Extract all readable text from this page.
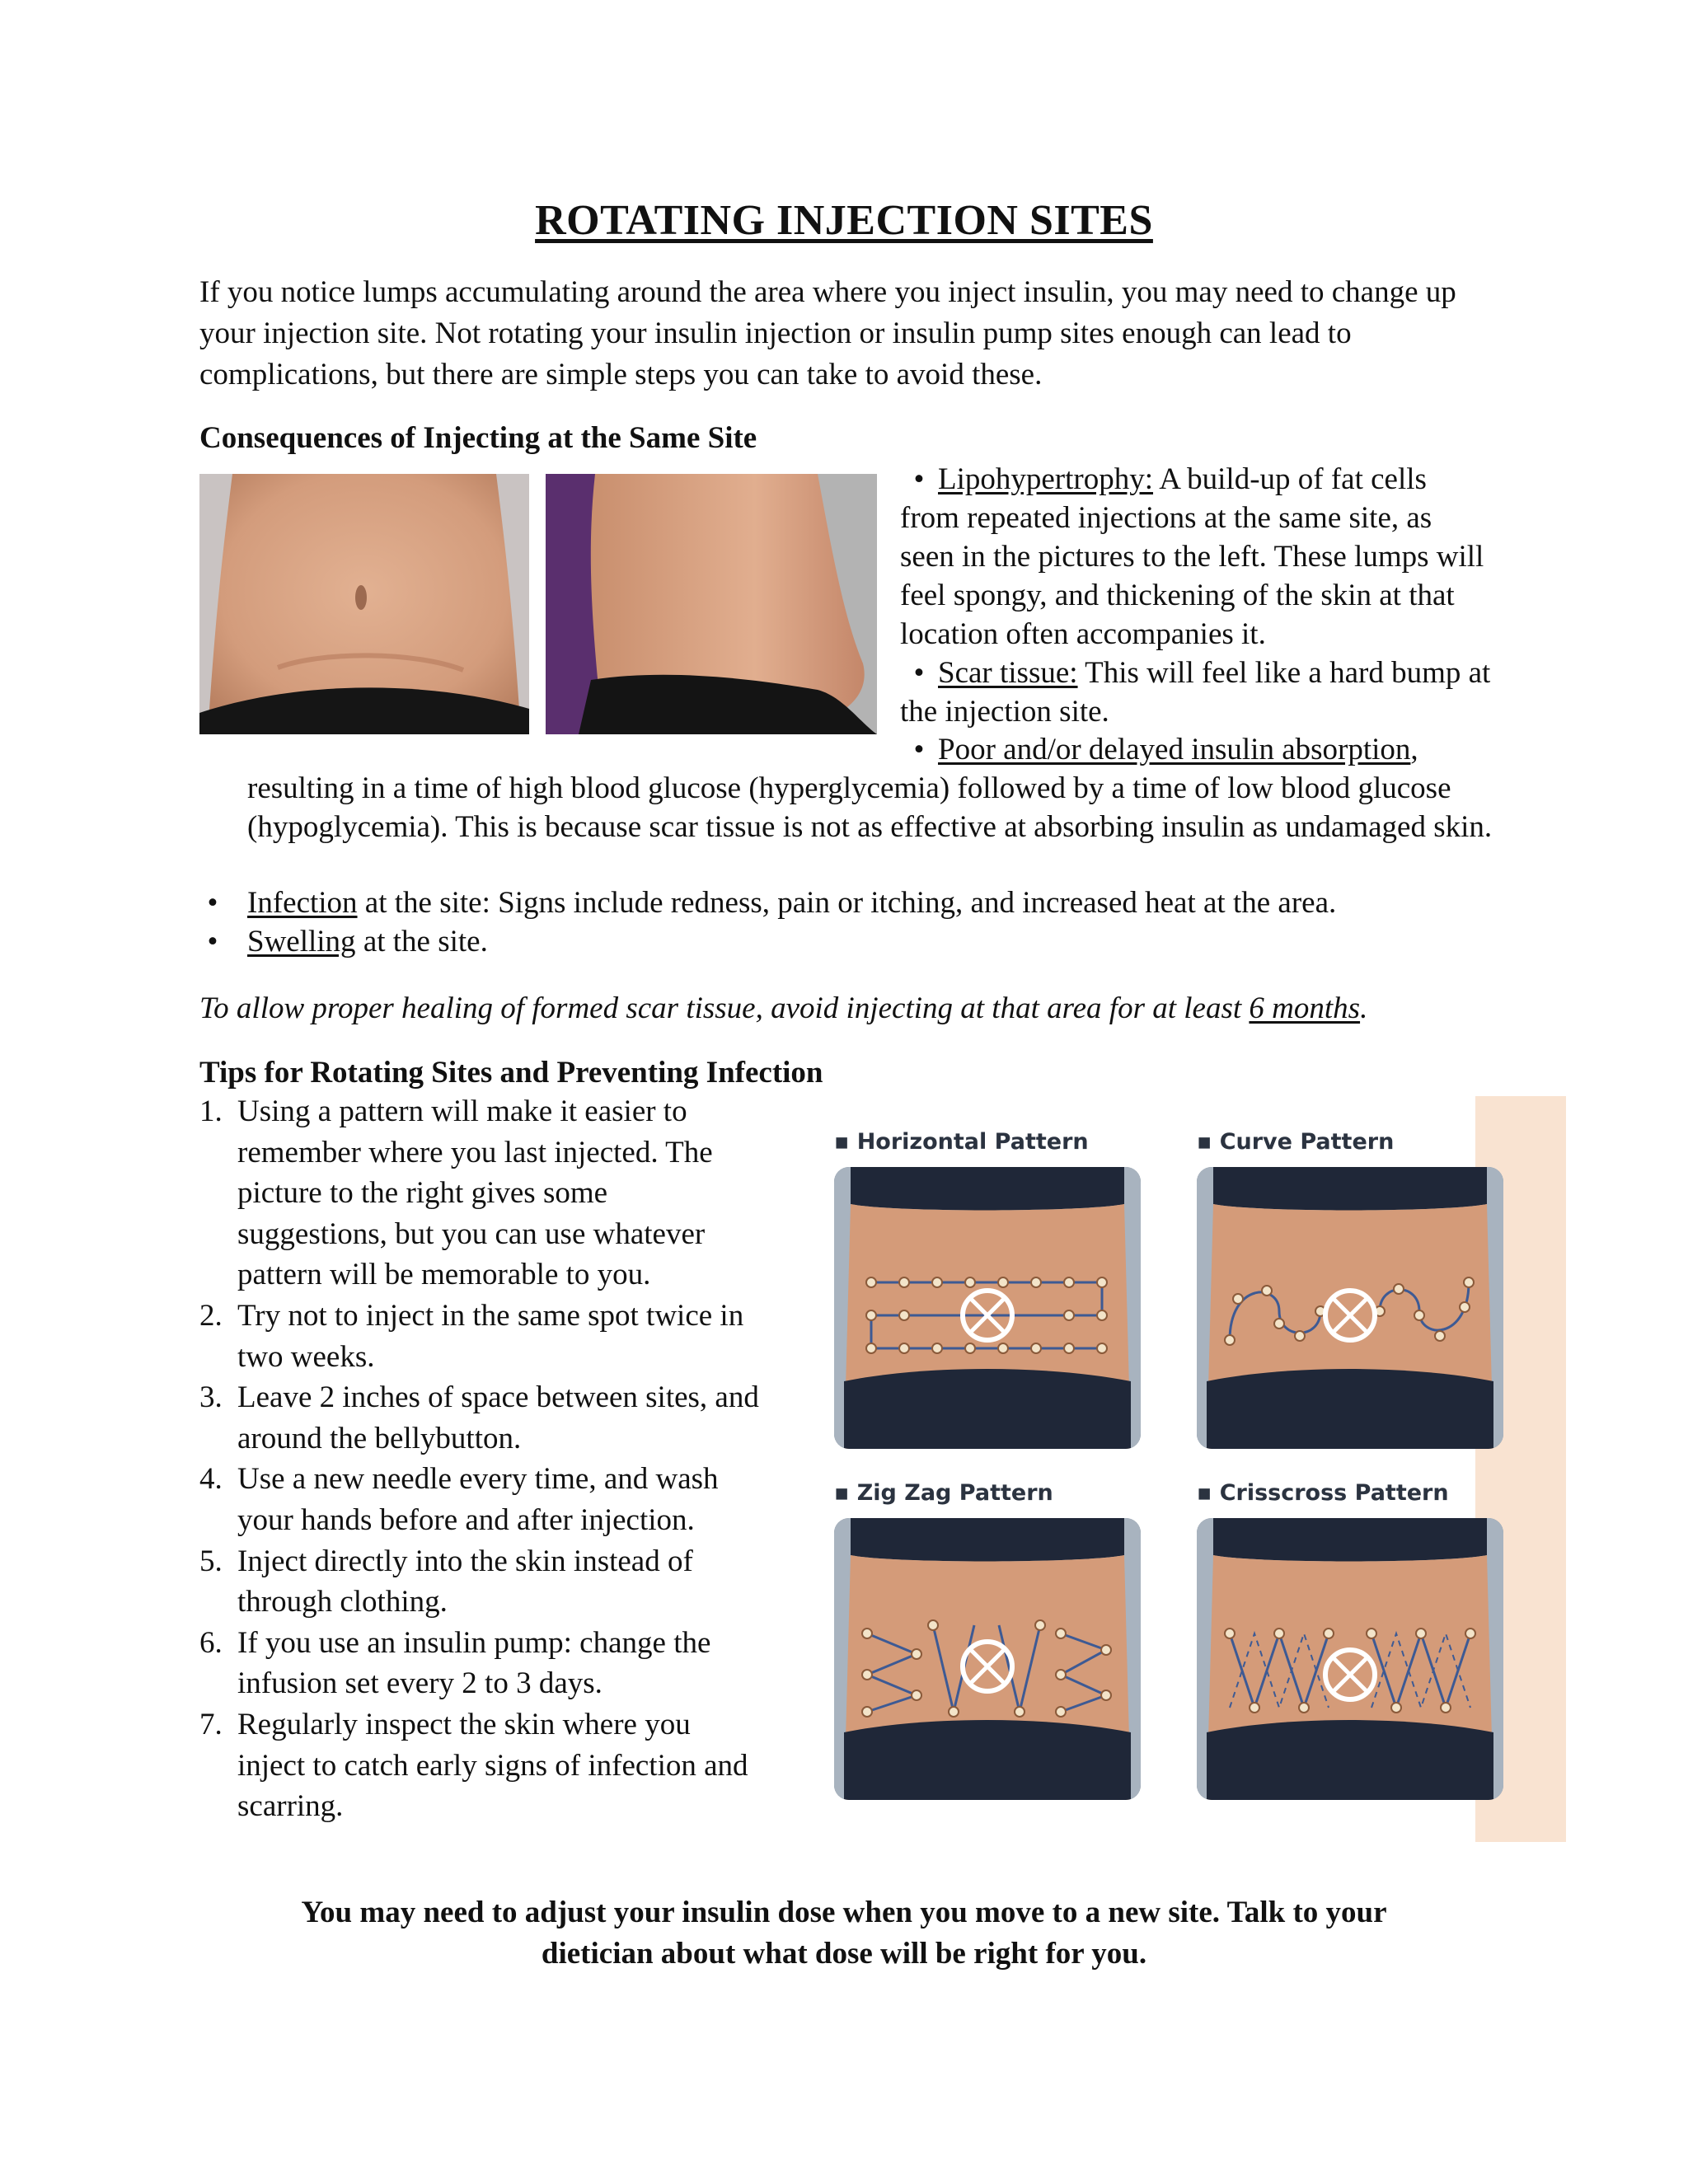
ROTATING INJECTION SITES

If you notice lumps accumulating around the area where you inject insulin, you may need to change up your injection site. Not rotating your insulin injection or insulin pump sites enough can lead to complications, but there are simple steps you can take to avoid these.

Consequences of Injecting at the Same Site
• Lipohypertrophy: A build-up of fat cells from repeated injections at the same site, as seen in the pictures to the left. These lumps will feel spongy, and thickening of the skin at that location often accompanies it.
• Scar tissue: This will feel like a hard bump at the injection site.
• Poor and/or delayed insulin absorption, resulting in a time of high blood glucose (hyperglycemia) followed by a time of low blood glucose (hypoglycemia). This is because scar tissue is not as effective at absorbing insulin as undamaged skin.
• Infection at the site: Signs include redness, pain or itching, and increased heat at the area.
• Swelling at the site.
To allow proper healing of formed scar tissue, avoid injecting at that area for at least 6 months.
Tips for Rotating Sites and Preventing Infection
1. Using a pattern will make it easier to remember where you last injected. The picture to the right gives some suggestions, but you can use whatever pattern will be memorable to you.
2. Try not to inject in the same spot twice in two weeks.
3. Leave 2 inches of space between sites, and around the bellybutton.
4. Use a new needle every time, and wash your hands before and after injection.
5. Inject directly into the skin instead of through clothing.
6. If you use an insulin pump: change the infusion set every 2 to 3 days.
7. Regularly inspect the skin where you inject to catch early signs of infection and scarring.
▪ Horizontal Pattern	▪ Curve Pattern
▪ Zig Zag Pattern	▪ Crisscross Pattern
You may need to adjust your insulin dose when you move to a new site. Talk to your
dietician about what dose will be right for you.
